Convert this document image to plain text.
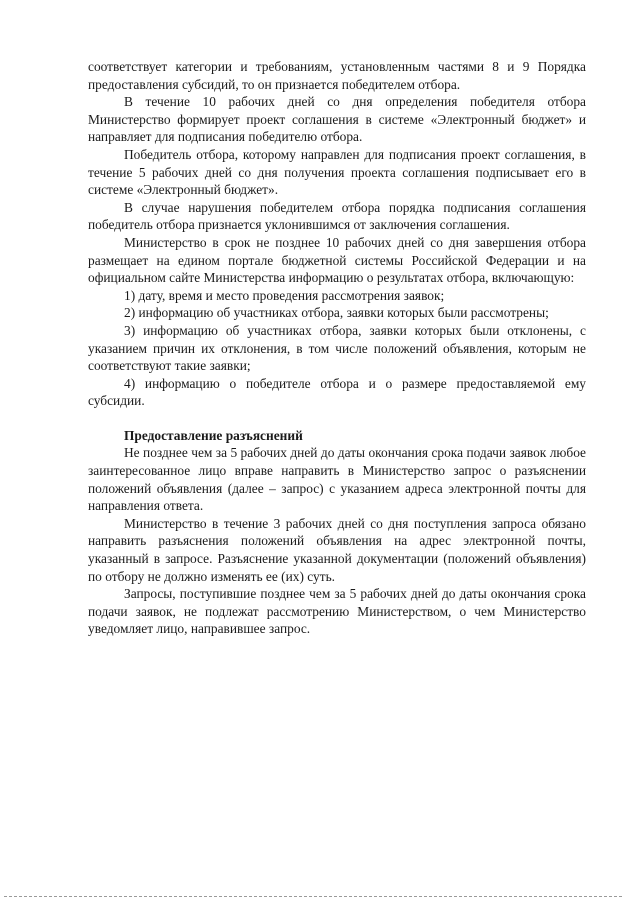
соответствует категории и требованиям, установленным частями 8 и 9 Порядка предоставления субсидий, то он признается победителем отбора.

В течение 10 рабочих дней со дня определения победителя отбора Министерство формирует проект соглашения в системе «Электронный бюджет» и направляет для подписания победителю отбора.

Победитель отбора, которому направлен для подписания проект соглашения, в течение 5 рабочих дней со дня получения проекта соглашения подписывает его в системе «Электронный бюджет».

В случае нарушения победителем отбора порядка подписания соглашения победитель отбора признается уклонившимся от заключения соглашения.

Министерство в срок не позднее 10 рабочих дней со дня завершения отбора размещает на едином портале бюджетной системы Российской Федерации и на официальном сайте Министерства информацию о результатах отбора, включающую:

1) дату, время и место проведения рассмотрения заявок;

2) информацию об участниках отбора, заявки которых были рассмотрены;

3) информацию об участниках отбора, заявки которых были отклонены, с указанием причин их отклонения, в том числе положений объявления, которым не соответствуют такие заявки;

4) информацию о победителе отбора и о размере предоставляемой ему субсидии.

Предоставление разъяснений

Не позднее чем за 5 рабочих дней до даты окончания срока подачи заявок любое заинтересованное лицо вправе направить в Министерство запрос о разъяснении положений объявления (далее – запрос) с указанием адреса электронной почты для направления ответа.

Министерство в течение 3 рабочих дней со дня поступления запроса обязано направить разъяснения положений объявления на адрес электронной почты, указанный в запросе. Разъяснение указанной документации (положений объявления) по отбору не должно изменять ее (их) суть.

Запросы, поступившие позднее чем за 5 рабочих дней до даты окончания срока подачи заявок, не подлежат рассмотрению Министерством, о чем Министерство уведомляет лицо, направившее запрос.
